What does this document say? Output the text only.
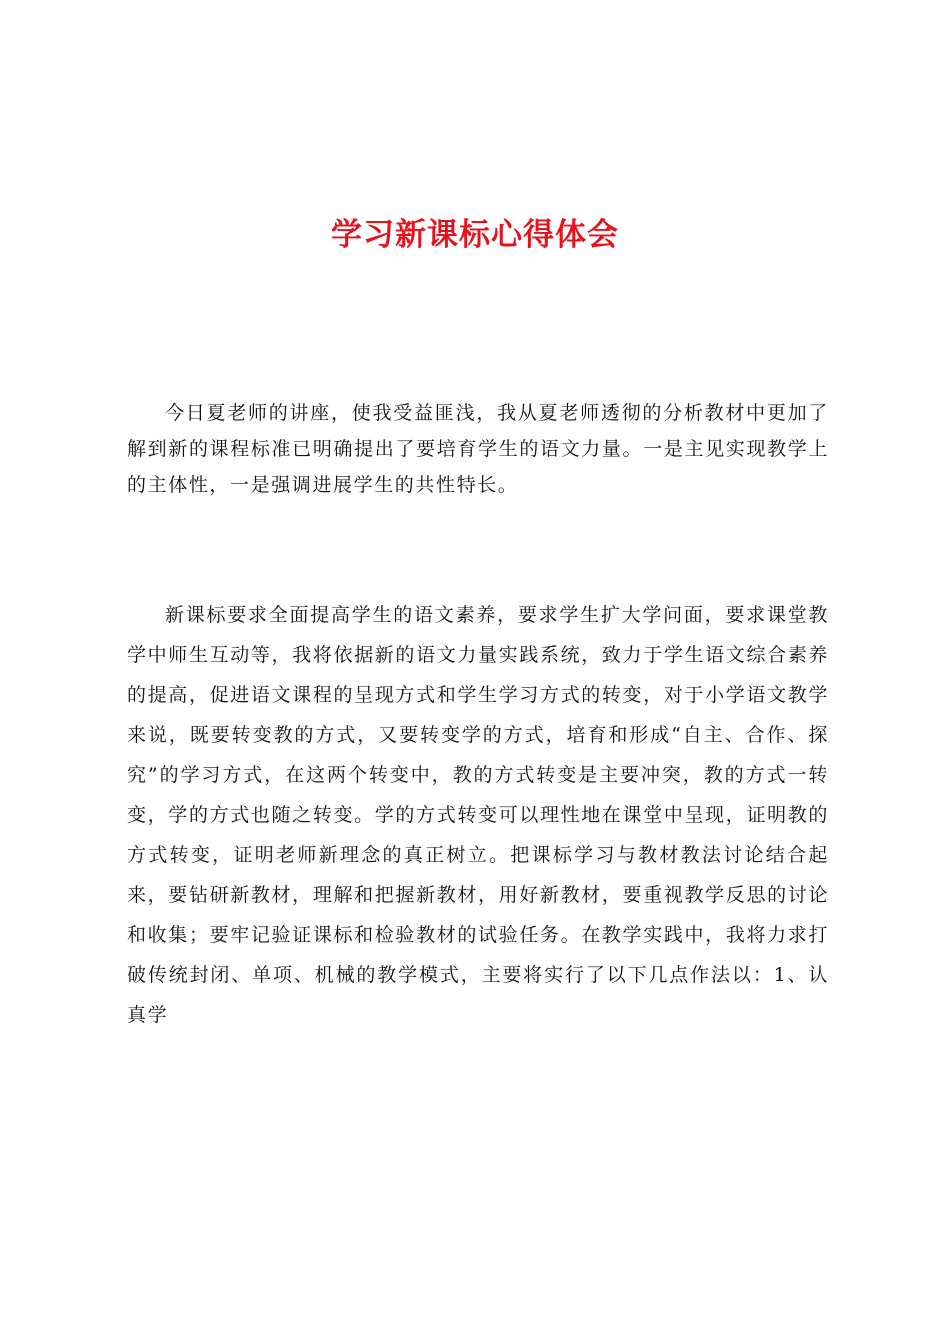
学习新课标心得体会

今日夏老师的讲座，使我受益匪浅，我从夏老师透彻的分析教材中更加了解到新的课程标准已明确提出了要培育学生的语文力量。一是主见实现教学上的主体性，一是强调进展学生的共性特长。

新课标要求全面提高学生的语文素养，要求学生扩大学问面，要求课堂教学中师生互动等，我将依据新的语文力量实践系统，致力于学生语文综合素养的提高，促进语文课程的呈现方式和学生学习方式的转变，对于小学语文教学来说，既要转变教的方式，又要转变学的方式，培育和形成“自主、合作、探究”的学习方式，在这两个转变中，教的方式转变是主要冲突，教的方式一转变，学的方式也随之转变。学的方式转变可以理性地在课堂中呈现，证明教的方式转变，证明老师新理念的真正树立。把课标学习与教材教法讨论结合起来，要钻研新教材，理解和把握新教材，用好新教材，要重视教学反思的讨论和收集；要牢记验证课标和检验教材的试验任务。在教学实践中，我将力求打破传统封闭、单项、机械的教学模式，主要将实行了以下几点作法以：1、认真学
